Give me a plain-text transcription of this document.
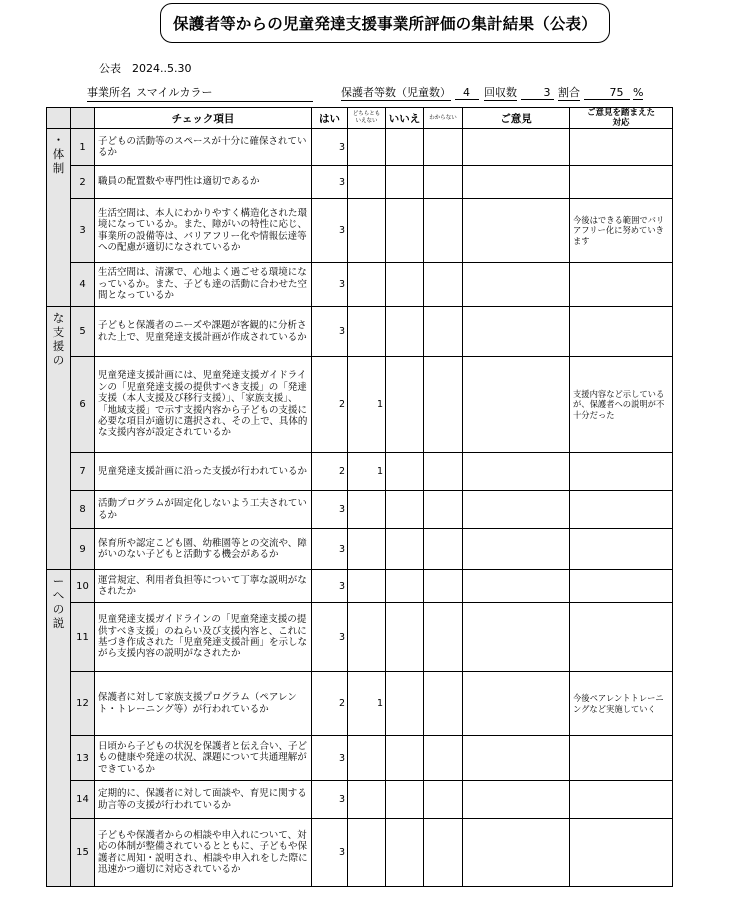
保護者等からの児童発達支援事業所評価の集計結果（公表）
公表　2024..5.30
事業所名 スマイルカラー	保護者等数（児童数） 4 回収数 3 割合	75 %
		チェック項目	はい	どちらとも
いえない	いいえ	わからない	ご意見	ご意見を踏まえた
対応
・
体
制	1	子どもの活動等のスペースが十分に確保されているか	3					
	2	職員の配置数や専門性は適切であるか	3					
	3	生活空間は、本人にわかりやすく構造化された環境になっているか。また、障がいの特性に応じ、事業所の設備等は、バリアフリー化や情報伝達等への配慮が適切になされているか	3					今後はできる範囲でバリアフリー化に努めていきます
	4	生活空間は、清潔で、心地よく過ごせる環境になっているか。また、子ども達の活動に合わせた空間となっているか	3					
な
支
援
の	5	子どもと保護者のニーズや課題が客観的に分析された上で、児童発達支援計画が作成されているか	3					
	6	児童発達支援計画には、児童発達支援ガイドラインの「児童発達支援の提供すべき支援」の「発達支援（本人支援及び移行支援）」、「家族支援」、「地域支援」で示す支援内容から子どもの支援に必要な項目が適切に選択され、その上で、具体的な支援内容が設定されているか	2	1				支援内容など示しているが、保護者への説明が不十分だった
	7	児童発達支援計画に沿った支援が行われているか	2	1				
	8	活動プログラムが固定化しないよう工夫されているか	3					
	9	保育所や認定こども園、幼稚園等との交流や、障がいのない子どもと活動する機会があるか	3					
ー
へ
の
説	10	運営規定、利用者負担等について丁寧な説明がなされたか	3					
	11	児童発達支援ガイドラインの「児童発達支援の提供すべき支援」のねらい及び支援内容と、これに基づき作成された「児童発達支援計画」を示しながら支援内容の説明がなされたか	3					
	12	保護者に対して家族支援プログラム（ペアレント・トレーニング等）が行われているか	2	1				今後ペアレントトレーニングなど実施していく
	13	日頃から子どもの状況を保護者と伝え合い、子どもの健康や発達の状況、課題について共通理解ができているか	3					
	14	定期的に、保護者に対して面談や、育児に関する助言等の支援が行われているか	3					
	15	子どもや保護者からの相談や申入れについて、対応の体制が整備されているとともに、子どもや保護者に周知・説明され、相談や申入れをした際に迅速かつ適切に対応されているか	3					
